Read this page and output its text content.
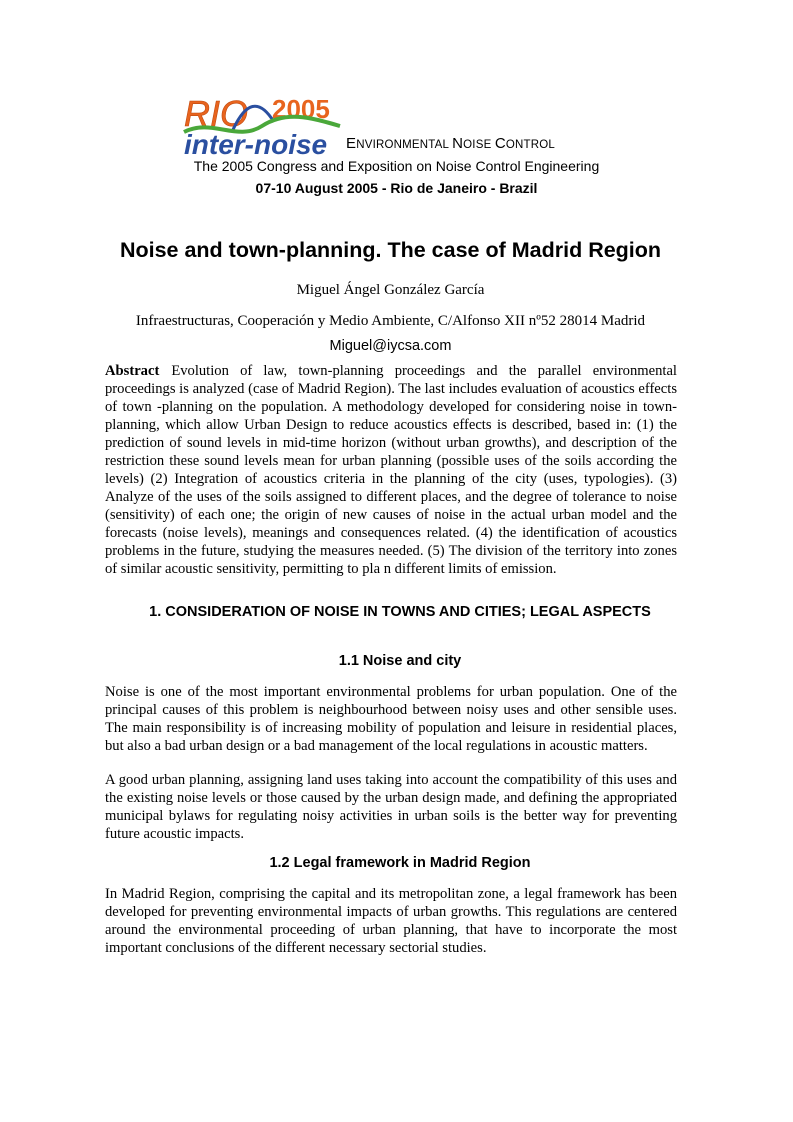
RIO 2005
inter-noise ENVIRONMENTAL NOISE CONTROL
The 2005 Congress and Exposition on Noise Control Engineering
07-10 August 2005 - Rio de Janeiro - Brazil
Noise and town-planning. The case of Madrid Region
Miguel Ángel González García
Infraestructuras, Cooperación y Medio Ambiente, C/Alfonso XII nº52 28014 Madrid
Miguel@iycsa.com
Abstract Evolution of law, town-planning proceedings and the parallel environmental proceedings is analyzed (case of Madrid Region). The last includes evaluation of acoustics effects of town -planning on the population. A methodology developed for considering noise in town-planning, which allow Urban Design to reduce acoustics effects is described, based in: (1) the prediction of sound levels in mid-time horizon (without urban growths), and description of the restriction these sound levels mean for urban planning (possible uses of the soils according the levels) (2) Integration of acoustics criteria in the planning of the city (uses, typologies). (3) Analyze of the uses of the soils assigned to different places, and the degree of tolerance to noise (sensitivity) of each one; the origin of new causes of noise in the actual urban model and the forecasts (noise levels), meanings and consequences related. (4) the identification of acoustics problems in the future, studying the measures needed. (5) The division of the territory into zones of similar acoustic sensitivity, permitting to pla n different limits of emission.
1. CONSIDERATION OF NOISE IN TOWNS AND CITIES; LEGAL ASPECTS
1.1 Noise and city
Noise is one of the most important environmental problems for urban population. One of the principal causes of this problem is neighbourhood between noisy uses and other sensible uses. The main responsibility is of increasing mobility of population and leisure in residential places, but also a bad urban design or a bad management of the local regulations in acoustic matters.
A good urban planning, assigning land uses taking into account the compatibility of this uses and the existing noise levels or those caused by the urban design made, and defining the appropriated municipal bylaws for regulating noisy activities in urban soils is the better way for preventing future acoustic impacts.
1.2 Legal framework in Madrid Region
In Madrid Region, comprising the capital and its metropolitan zone, a legal framework has been developed for preventing environmental impacts of urban growths. This regulations are centered around the environmental proceeding of urban planning, that have to incorporate the most important conclusions of the different necessary sectorial studies.
